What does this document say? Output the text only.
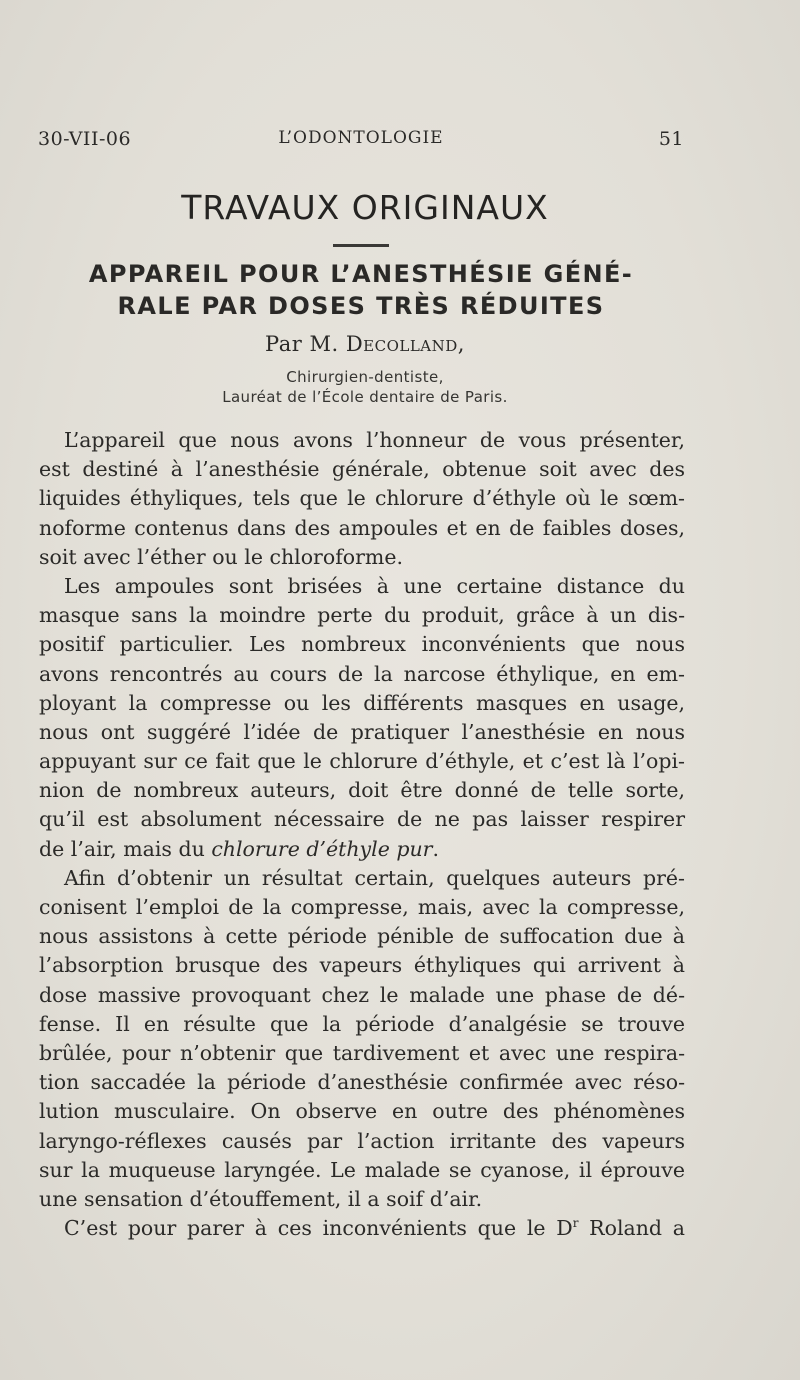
30-VII-06	L’ODONTOLOGIE	51
TRAVAUX ORIGINAUX
APPAREIL POUR L’ANESTHÉSIE GÉNÉ-
RALE PAR DOSES TRÈS RÉDUITES
Par M. Decolland,
Chirurgien-dentiste,
Lauréat de l’École dentaire de Paris.
L’appareil que nous avons l’honneur de vous présenter,
est destiné à l’anesthésie générale, obtenue soit avec des
liquides éthyliques, tels que le chlorure d’éthyle où le sœm-
noforme contenus dans des ampoules et en de faibles doses,
soit avec l’éther ou le chloroforme.
Les ampoules sont brisées à une certaine distance du
masque sans la moindre perte du produit, grâce à un dis-
positif particulier. Les nombreux inconvénients que nous
avons rencontrés au cours de la narcose éthylique, en em-
ployant la compresse ou les différents masques en usage,
nous ont suggéré l’idée de pratiquer l’anesthésie en nous
appuyant sur ce fait que le chlorure d’éthyle, et c’est là l’opi-
nion de nombreux auteurs, doit être donné de telle sorte,
qu’il est absolument nécessaire de ne pas laisser respirer
de l’air, mais du chlorure d’éthyle pur.
Afin d’obtenir un résultat certain, quelques auteurs pré-
conisent l’emploi de la compresse, mais, avec la compresse,
nous assistons à cette période pénible de suffocation due à
l’absorption brusque des vapeurs éthyliques qui arrivent à
dose massive provoquant chez le malade une phase de dé-
fense. Il en résulte que la période d’analgésie se trouve
brûlée, pour n’obtenir que tardivement et avec une respira-
tion saccadée la période d’anesthésie confirmée avec réso-
lution musculaire. On observe en outre des phénomènes
laryngo-réflexes causés par l’action irritante des vapeurs
sur la muqueuse laryngée. Le malade se cyanose, il éprouve
une sensation d’étouffement, il a soif d’air.
C’est pour parer à ces inconvénients que le $D^r$ Roland a
